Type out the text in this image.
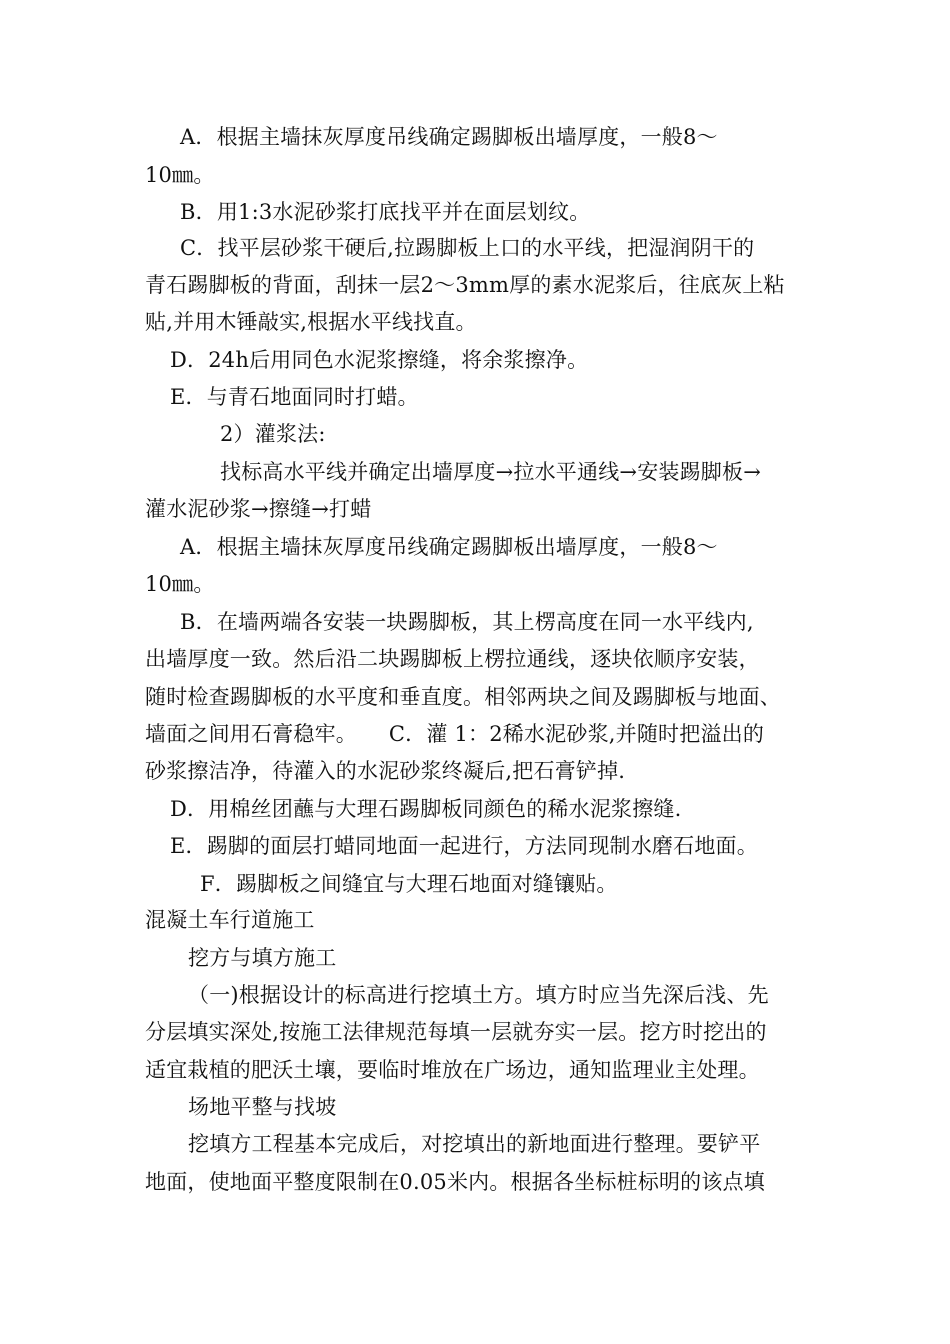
A．根据主墙抹灰厚度吊线确定踢脚板出墙厚度，一般8～
10㎜。
B．用1:3水泥砂浆打底找平并在面层划纹。
C．找平层砂浆干硬后,拉踢脚板上口的水平线，把湿润阴干的
青石踢脚板的背面，刮抹一层2～3mm厚的素水泥浆后，往底灰上粘
贴,并用木锤敲实,根据水平线找直。
D．24h后用同色水泥浆擦缝，将余浆擦净。
E．与青石地面同时打蜡。
2）灌浆法:
找标高水平线并确定出墙厚度→拉水平通线→安装踢脚板→
灌水泥砂浆→擦缝→打蜡
A．根据主墙抹灰厚度吊线确定踢脚板出墙厚度，一般8～
10㎜。
B．在墙两端各安装一块踢脚板，其上楞高度在同一水平线内,
出墙厚度一致。然后沿二块踢脚板上楞拉通线，逐块依顺序安装，
随时检查踢脚板的水平度和垂直度。相邻两块之间及踢脚板与地面、
墙面之间用石膏稳牢。　　C．灌 1：2稀水泥砂浆,并随时把溢出的
砂浆擦洁净，待灌入的水泥砂浆终凝后,把石膏铲掉.
D．用棉丝团蘸与大理石踢脚板同颜色的稀水泥浆擦缝.
E．踢脚的面层打蜡同地面一起进行，方法同现制水磨石地面。
F．踢脚板之间缝宜与大理石地面对缝镶贴。
混凝土车行道施工
挖方与填方施工
（一)根据设计的标高进行挖填土方。填方时应当先深后浅、先
分层填实深处,按施工法律规范每填一层就夯实一层。挖方时挖出的
适宜栽植的肥沃土壤，要临时堆放在广场边，通知监理业主处理。
场地平整与找坡
挖填方工程基本完成后，对挖填出的新地面进行整理。要铲平
地面，使地面平整度限制在0.05米内。根据各坐标桩标明的该点填
